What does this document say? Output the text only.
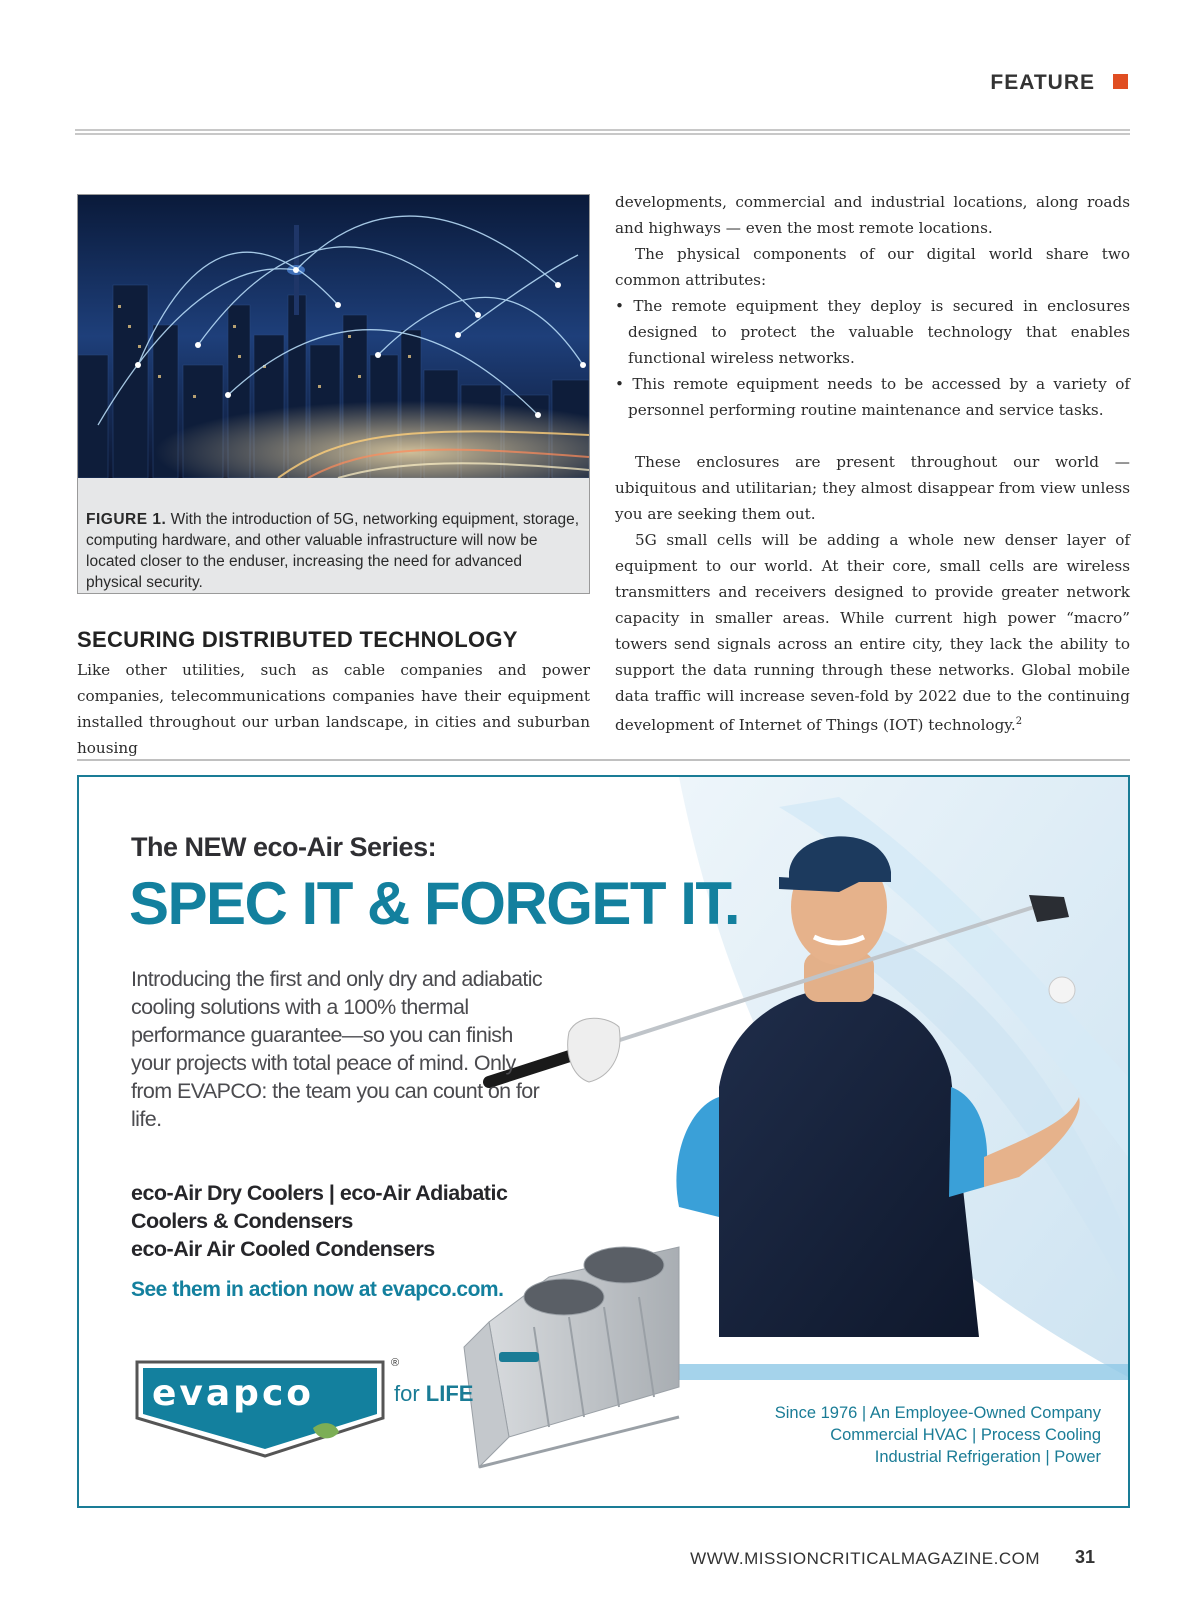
FEATURE
FIGURE 1. With the introduction of 5G, networking equipment, storage, computing hardware, and other valuable infrastructure will now be located closer to the enduser, increasing the need for advanced physical security.
SECURING DISTRIBUTED TECHNOLOGY

Like other utilities, such as cable companies and power companies, telecommunications companies have their equipment installed throughout our urban landscape, in cities and suburban housing

developments, commercial and industrial locations, along roads and highways — even the most remote locations.

The physical components of our digital world share two common attributes:

• The remote equipment they deploy is secured in enclosures designed to protect the valuable technology that enables functional wireless networks.

• This remote equipment needs to be accessed by a variety of personnel performing routine maintenance and service tasks.

These enclosures are present throughout our world — ubiquitous and utilitarian; they almost disappear from view unless you are seeking them out.

5G small cells will be adding a whole new denser layer of equipment to our world. At their core, small cells are wireless transmitters and receivers designed to provide greater network capacity in smaller areas. While current high power “macro” towers send signals across an entire city, they lack the ability to support the data running through these networks. Global mobile data traffic will increase seven-fold by 2022 due to the continuing development of Internet of Things (IOT) technology.$^2$

The NEW eco-Air Series:
SPEC IT & FORGET IT.
Introducing the first and only dry and adiabatic cooling solutions with a 100% thermal performance guarantee—so you can finish your projects with total peace of mind. Only from EVAPCO: the team you can count on for life.
eco-Air Dry Coolers | eco-Air Adiabatic
Coolers & Condensers
eco-Air Air Cooled Condensers
See them in action now at evapco.com.
evapco
®
for LIFE
Since 1976 | An Employee-Owned Company
Commercial HVAC | Process Cooling
Industrial Refrigeration | Power
WWW.MISSIONCRITICALMAGAZINE.COM 31
